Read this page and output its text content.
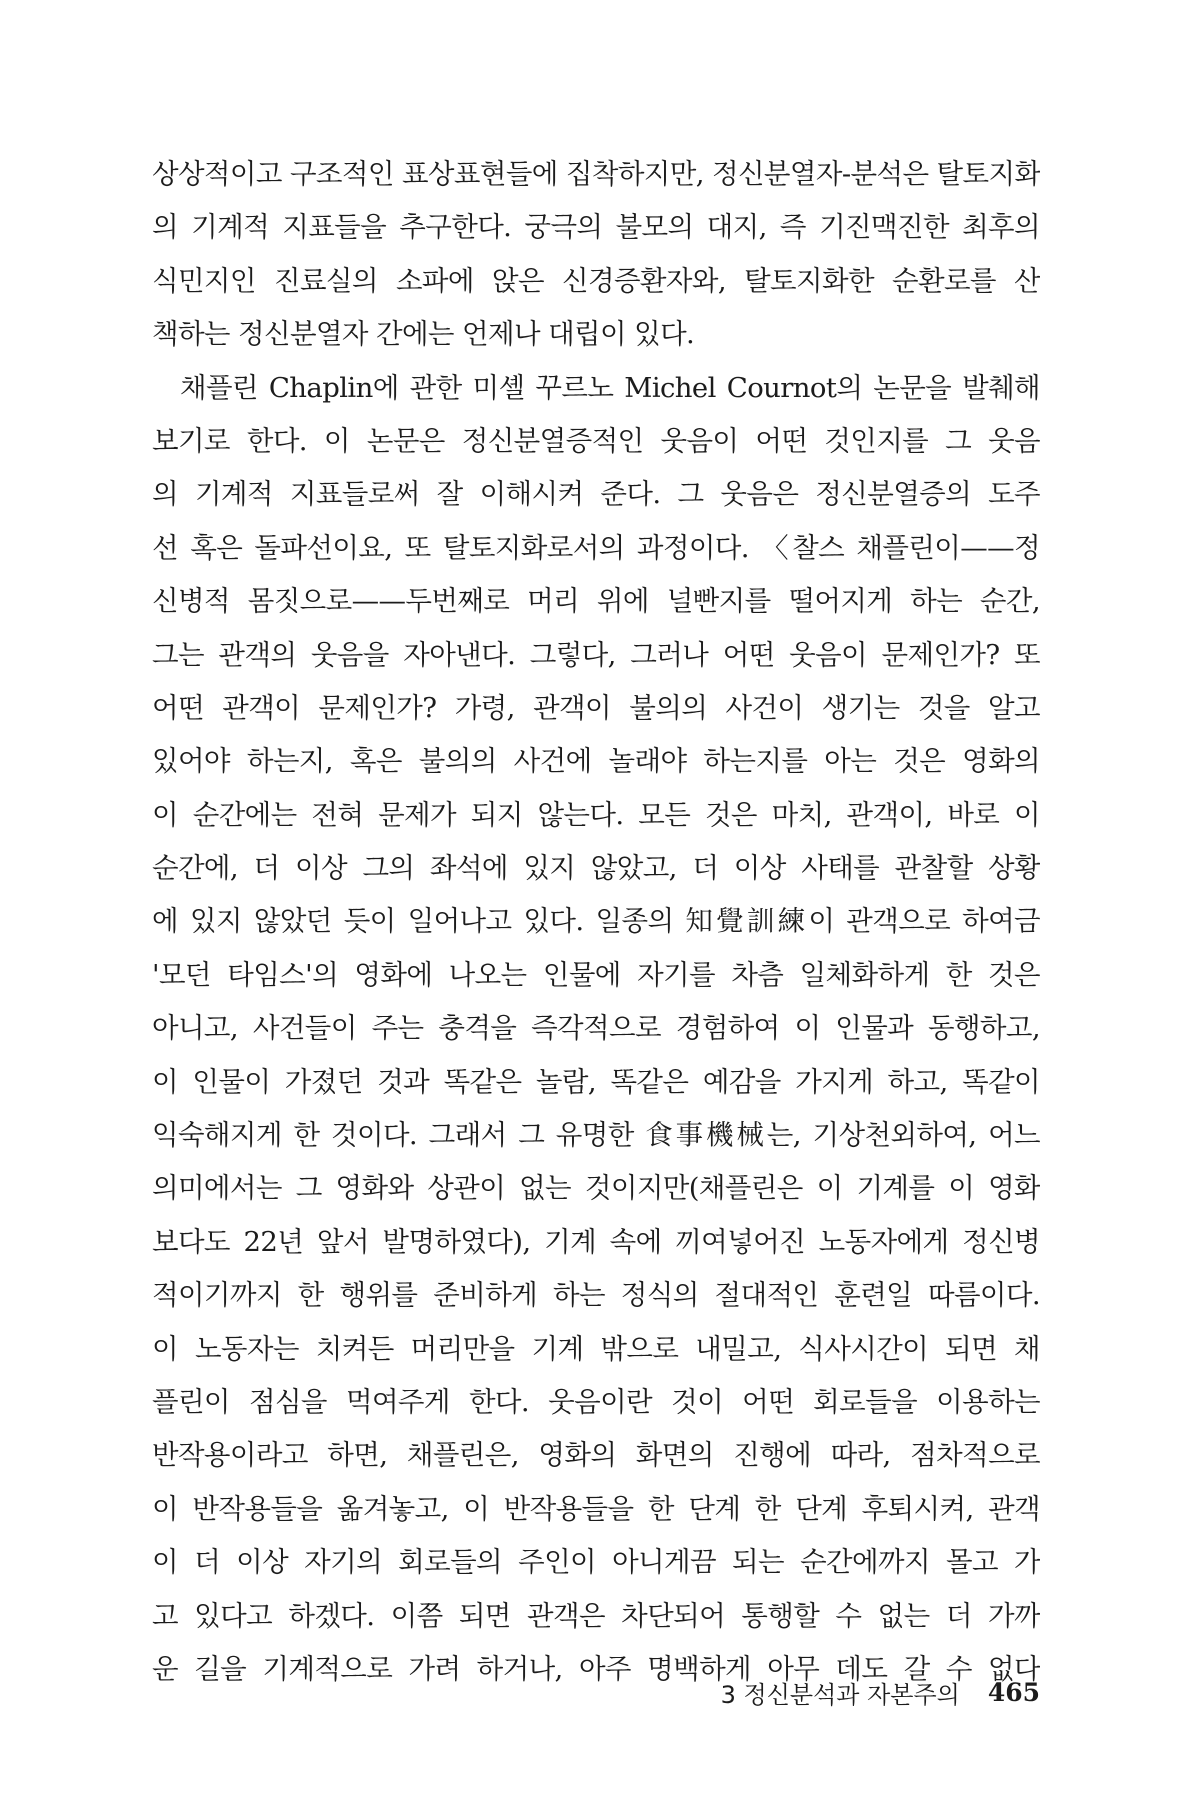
상상적이고 구조적인 표상표현들에 집착하지만, 정신분열자-분석은 탈토지화
의 기계적 지표들을 추구한다. 궁극의 불모의 대지, 즉 기진맥진한 최후의
식민지인 진료실의 소파에 앉은 신경증환자와, 탈토지화한 순환로를 산
책하는 정신분열자 간에는 언제나 대립이 있다.
채플린 Chaplin에 관한 미셸 꾸르노 Michel Cournot의 논문을 발췌해
보기로 한다. 이 논문은 정신분열증적인 웃음이 어떤 것인지를 그 웃음
의 기계적 지표들로써 잘 이해시켜 준다. 그 웃음은 정신분열증의 도주
선 혹은 돌파선이요, 또 탈토지화로서의 과정이다. 〈찰스 채플린이——정
신병적 몸짓으로——두번째로 머리 위에 널빤지를 떨어지게 하는 순간,
그는 관객의 웃음을 자아낸다. 그렇다, 그러나 어떤 웃음이 문제인가? 또
어떤 관객이 문제인가? 가령, 관객이 불의의 사건이 생기는 것을 알고
있어야 하는지, 혹은 불의의 사건에 놀래야 하는지를 아는 것은 영화의
이 순간에는 전혀 문제가 되지 않는다. 모든 것은 마치, 관객이, 바로 이
순간에, 더 이상 그의 좌석에 있지 않았고, 더 이상 사태를 관찰할 상황
에 있지 않았던 듯이 일어나고 있다. 일종의 知覺訓練이 관객으로 하여금
'모던 타임스'의 영화에 나오는 인물에 자기를 차츰 일체화하게 한 것은
아니고, 사건들이 주는 충격을 즉각적으로 경험하여 이 인물과 동행하고,
이 인물이 가졌던 것과 똑같은 놀람, 똑같은 예감을 가지게 하고, 똑같이
익숙해지게 한 것이다. 그래서 그 유명한 食事機械는, 기상천외하여, 어느
의미에서는 그 영화와 상관이 없는 것이지만(채플린은 이 기계를 이 영화
보다도 22년 앞서 발명하였다), 기계 속에 끼여넣어진 노동자에게 정신병
적이기까지 한 행위를 준비하게 하는 정식의 절대적인 훈련일 따름이다.
이 노동자는 치켜든 머리만을 기계 밖으로 내밀고, 식사시간이 되면 채
플린이 점심을 먹여주게 한다. 웃음이란 것이 어떤 회로들을 이용하는
반작용이라고 하면, 채플린은, 영화의 화면의 진행에 따라, 점차적으로
이 반작용들을 옮겨놓고, 이 반작용들을 한 단계 한 단계 후퇴시켜, 관객
이 더 이상 자기의 회로들의 주인이 아니게끔 되는 순간에까지 몰고 가
고 있다고 하겠다. 이쯤 되면 관객은 차단되어 통행할 수 없는 더 가까
운 길을 기계적으로 가려 하거나, 아주 명백하게 아무 데도 갈 수 없다
3 정신분석과 자본주의 465
